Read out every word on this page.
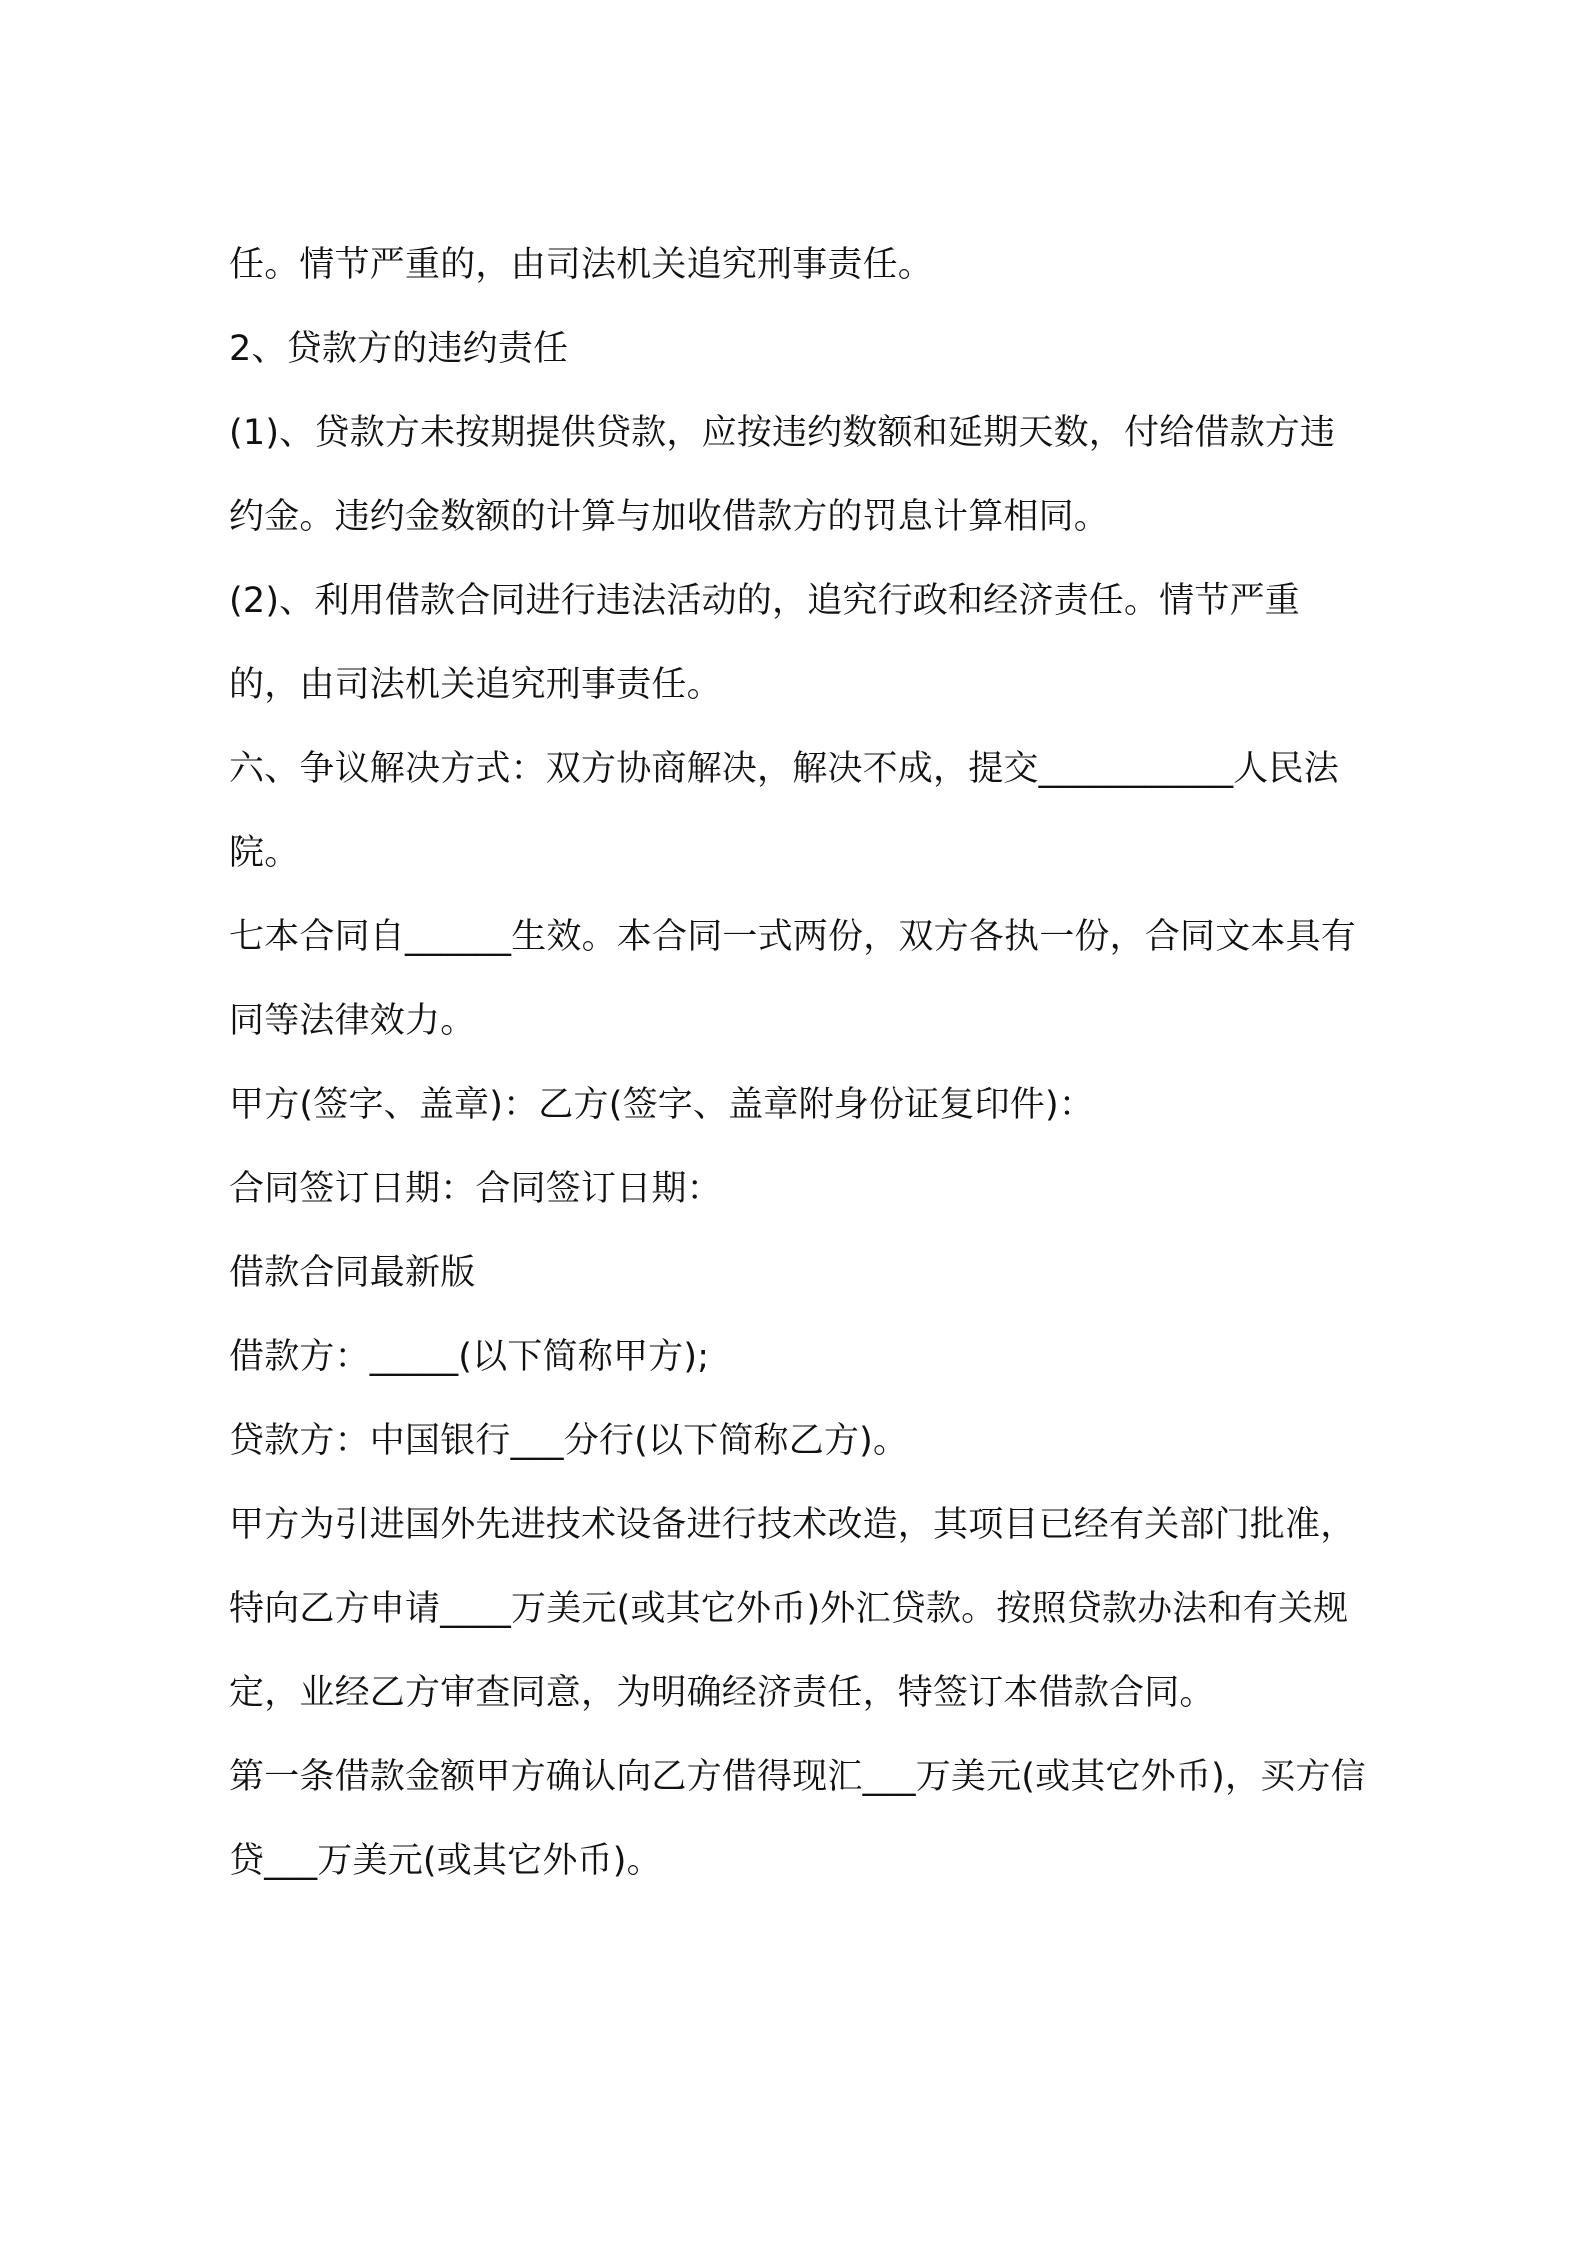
任。情节严重的，由司法机关追究刑事责任。

2、贷款方的违约责任

(1)、贷款方未按期提供贷款，应按违约数额和延期天数，付给借款方违约金。违约金数额的计算与加收借款方的罚息计算相同。

(2)、利用借款合同进行违法活动的，追究行政和经济责任。情节严重的，由司法机关追究刑事责任。

六、争议解决方式：双方协商解决，解决不成，提交___________人民法院。

七本合同自______生效。本合同一式两份，双方各执一份，合同文本具有同等法律效力。

甲方(签字、盖章)：乙方(签字、盖章附身份证复印件)：

合同签订日期：合同签订日期：

借款合同最新版

借款方：_____(以下简称甲方);

贷款方：中国银行___分行(以下简称乙方)。

甲方为引进国外先进技术设备进行技术改造，其项目已经有关部门批准，特向乙方申请____万美元(或其它外币)外汇贷款。按照贷款办法和有关规定，业经乙方审查同意，为明确经济责任，特签订本借款合同。

第一条借款金额甲方确认向乙方借得现汇___万美元(或其它外币)，买方信贷___万美元(或其它外币)。
